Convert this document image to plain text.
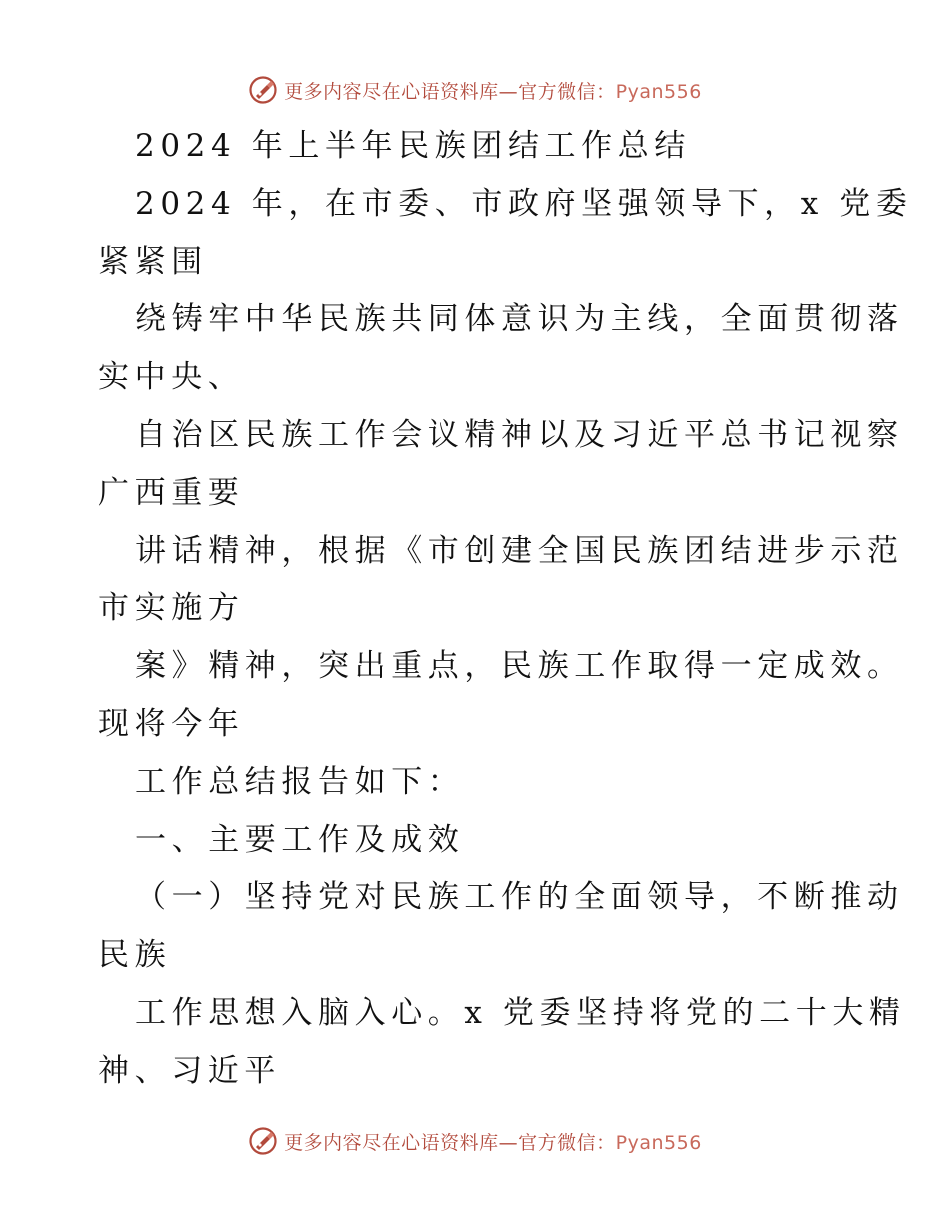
更多内容尽在心语资料库—官方微信：Pyan556
2024 年上半年民族团结工作总结
2024 年，在市委、市政府坚强领导下，x 党委
紧紧围
绕铸牢中华民族共同体意识为主线，全面贯彻落
实中央、
自治区民族工作会议精神以及习近平总书记视察
广西重要
讲话精神，根据《市创建全国民族团结进步示范
市实施方
案》精神，突出重点，民族工作取得一定成效。
现将今年
工作总结报告如下：
一、主要工作及成效
（一）坚持党对民族工作的全面领导，不断推动
民族
工作思想入脑入心。x 党委坚持将党的二十大精
神、习近平
更多内容尽在心语资料库—官方微信：Pyan556
